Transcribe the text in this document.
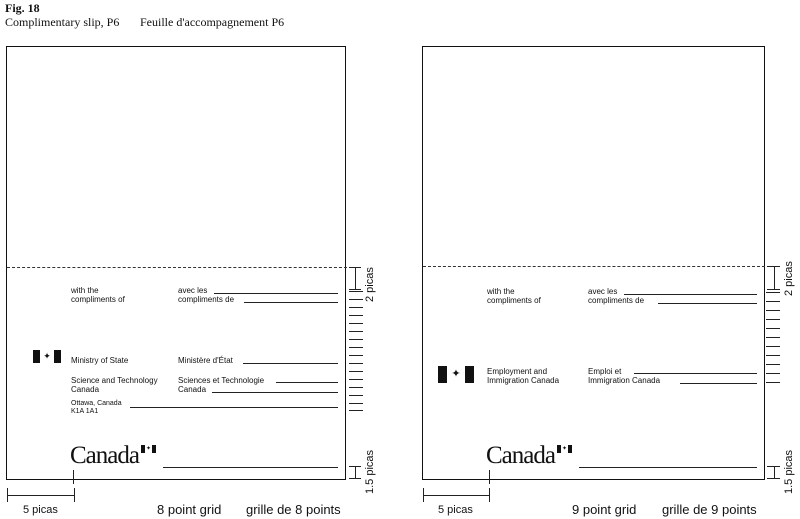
Fig. 18
Complimentary slip, P6 Feuille d'accompagnement P6
with the
compliments of
avec les
compliments de
✦	Ministry of State
Science and Technology
Canada
Ministère d'État
Sciences et Technologie
Canada
Ottawa, Canada
K1A 1A1
Canada ✦
2 picas
1.5 picas
5 picas	8 point grid grille de 8 points
with the
compliments of
avec les
compliments de
✦	Employment and
Immigration Canada
Emploi et
Immigration Canada
Canada ✦
2 picas
1.5 picas
5 picas	9 point grid grille de 9 points
